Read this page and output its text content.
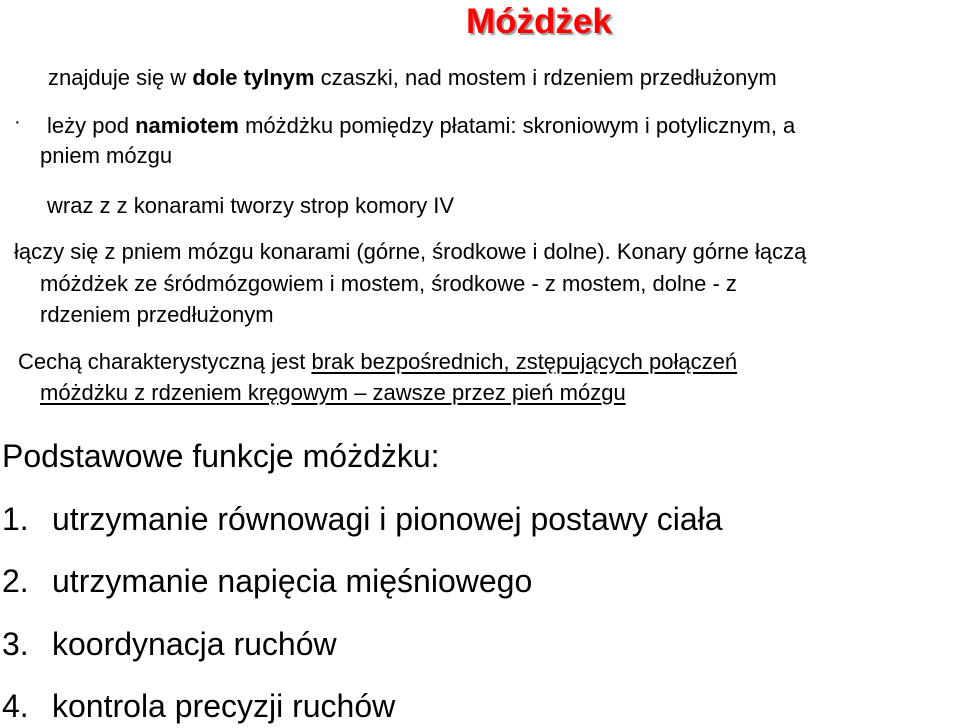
Móżdżek
znajduje się w dole tylnym czaszki, nad mostem i rdzeniem przedłużonym
· leży pod namiotem móżdżku pomiędzy płatami: skroniowym i potylicznym, a
pniem mózgu
wraz z z konarami tworzy strop komory IV
łączy się z pniem mózgu konarami (górne, środkowe i dolne). Konary górne łączą
móżdżek ze śródmózgowiem i mostem, środkowe - z mostem, dolne - z
rdzeniem przedłużonym
Cechą charakterystyczną jest brak bezpośrednich, zstępujących połączeń
móżdżku z rdzeniem kręgowym – zawsze przez pień mózgu
Podstawowe funkcje móżdżku:
1. utrzymanie równowagi i pionowej postawy ciała
2. utrzymanie napięcia mięśniowego
3. koordynacja ruchów
4. kontrola precyzji ruchów
